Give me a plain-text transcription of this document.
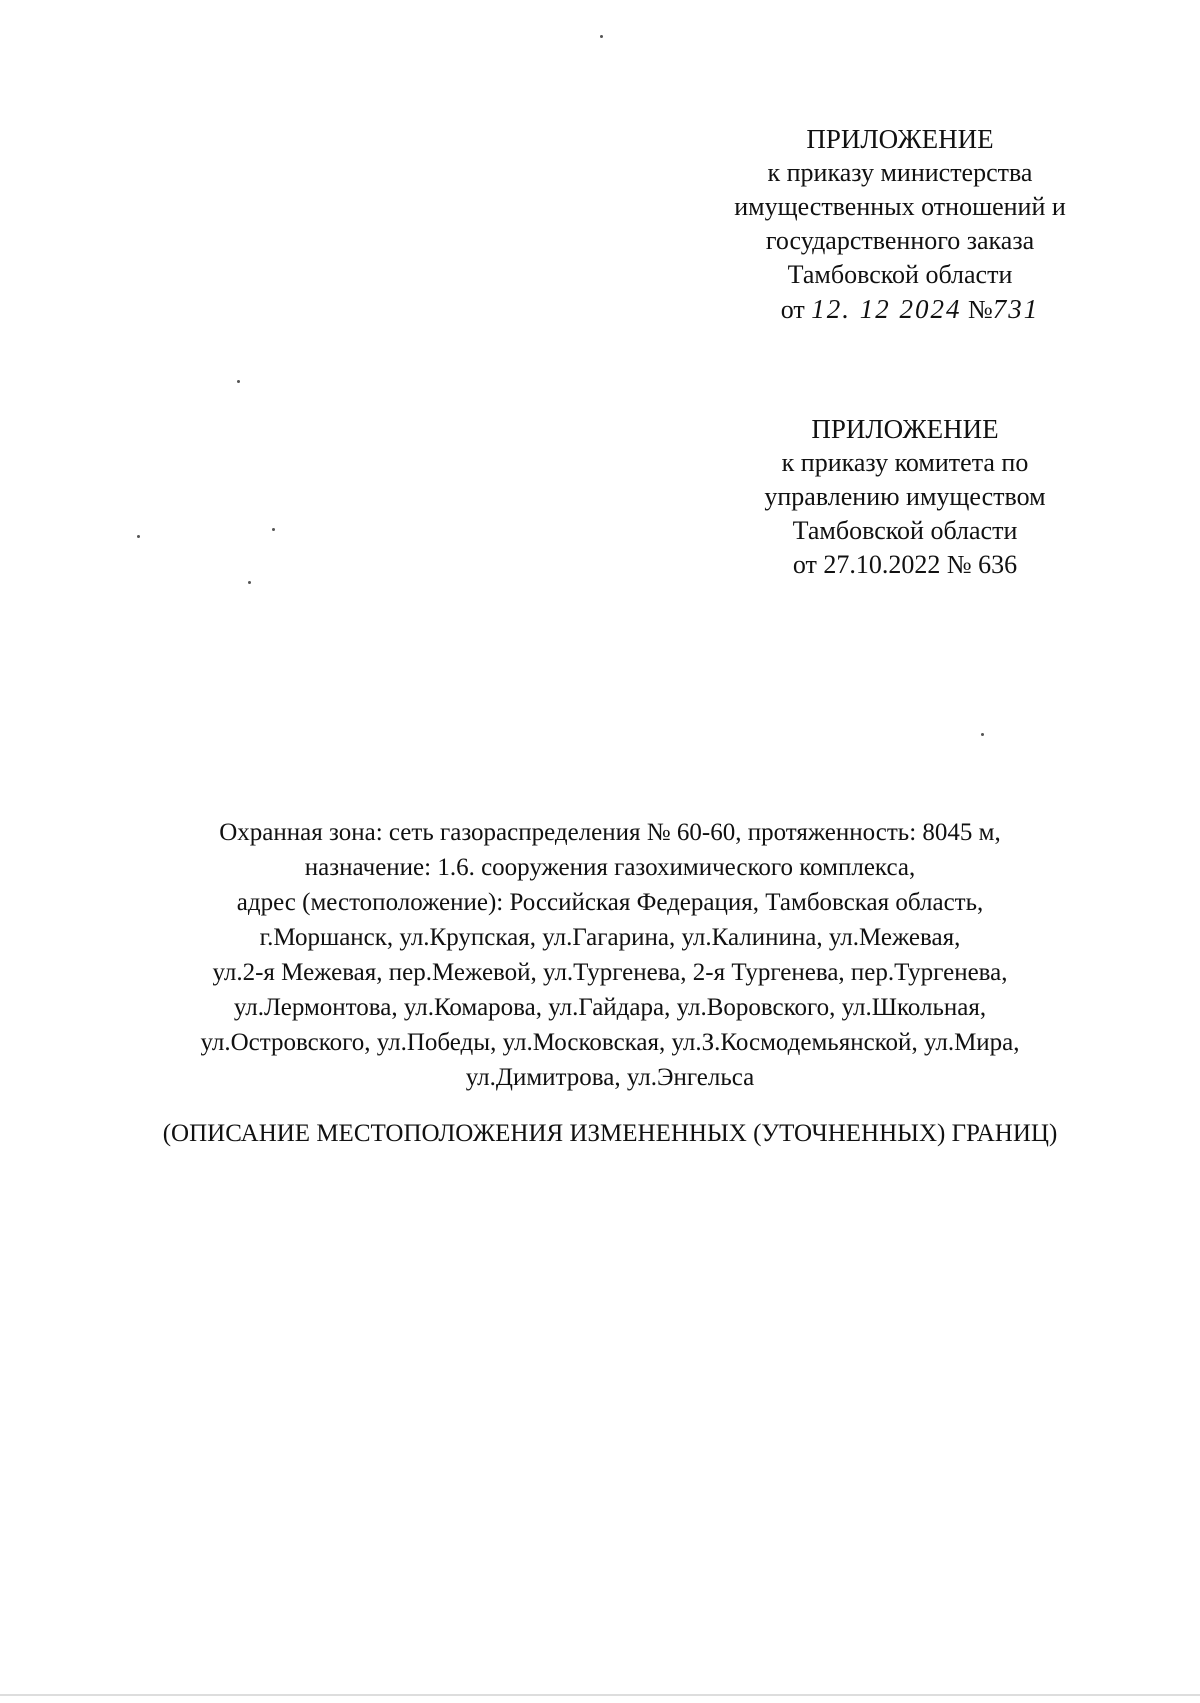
ПРИЛОЖЕНИЕ
к приказу министерства
имущественных отношений и
государственного заказа
Тамбовской области
от 12. 12 2024 №731
ПРИЛОЖЕНИЕ
к приказу комитета по
управлению имуществом
Тамбовской области
от 27.10.2022 № 636
Охранная зона: сеть газораспределения № 60-60, протяженность: 8045 м,
назначение: 1.6. сооружения газохимического комплекса,
адрес (местоположение): Российская Федерация, Тамбовская область,
г.Моршанск, ул.Крупская, ул.Гагарина, ул.Калинина, ул.Межевая,
ул.2-я Межевая, пер.Межевой, ул.Тургенева, 2-я Тургенева, пер.Тургенева,
ул.Лермонтова, ул.Комарова, ул.Гайдара, ул.Воровского, ул.Школьная,
ул.Островского, ул.Победы, ул.Московская, ул.З.Космодемьянской, ул.Мира,
ул.Димитрова, ул.Энгельса
(ОПИСАНИЕ МЕСТОПОЛОЖЕНИЯ ИЗМЕНЕННЫХ (УТОЧНЕННЫХ) ГРАНИЦ)
